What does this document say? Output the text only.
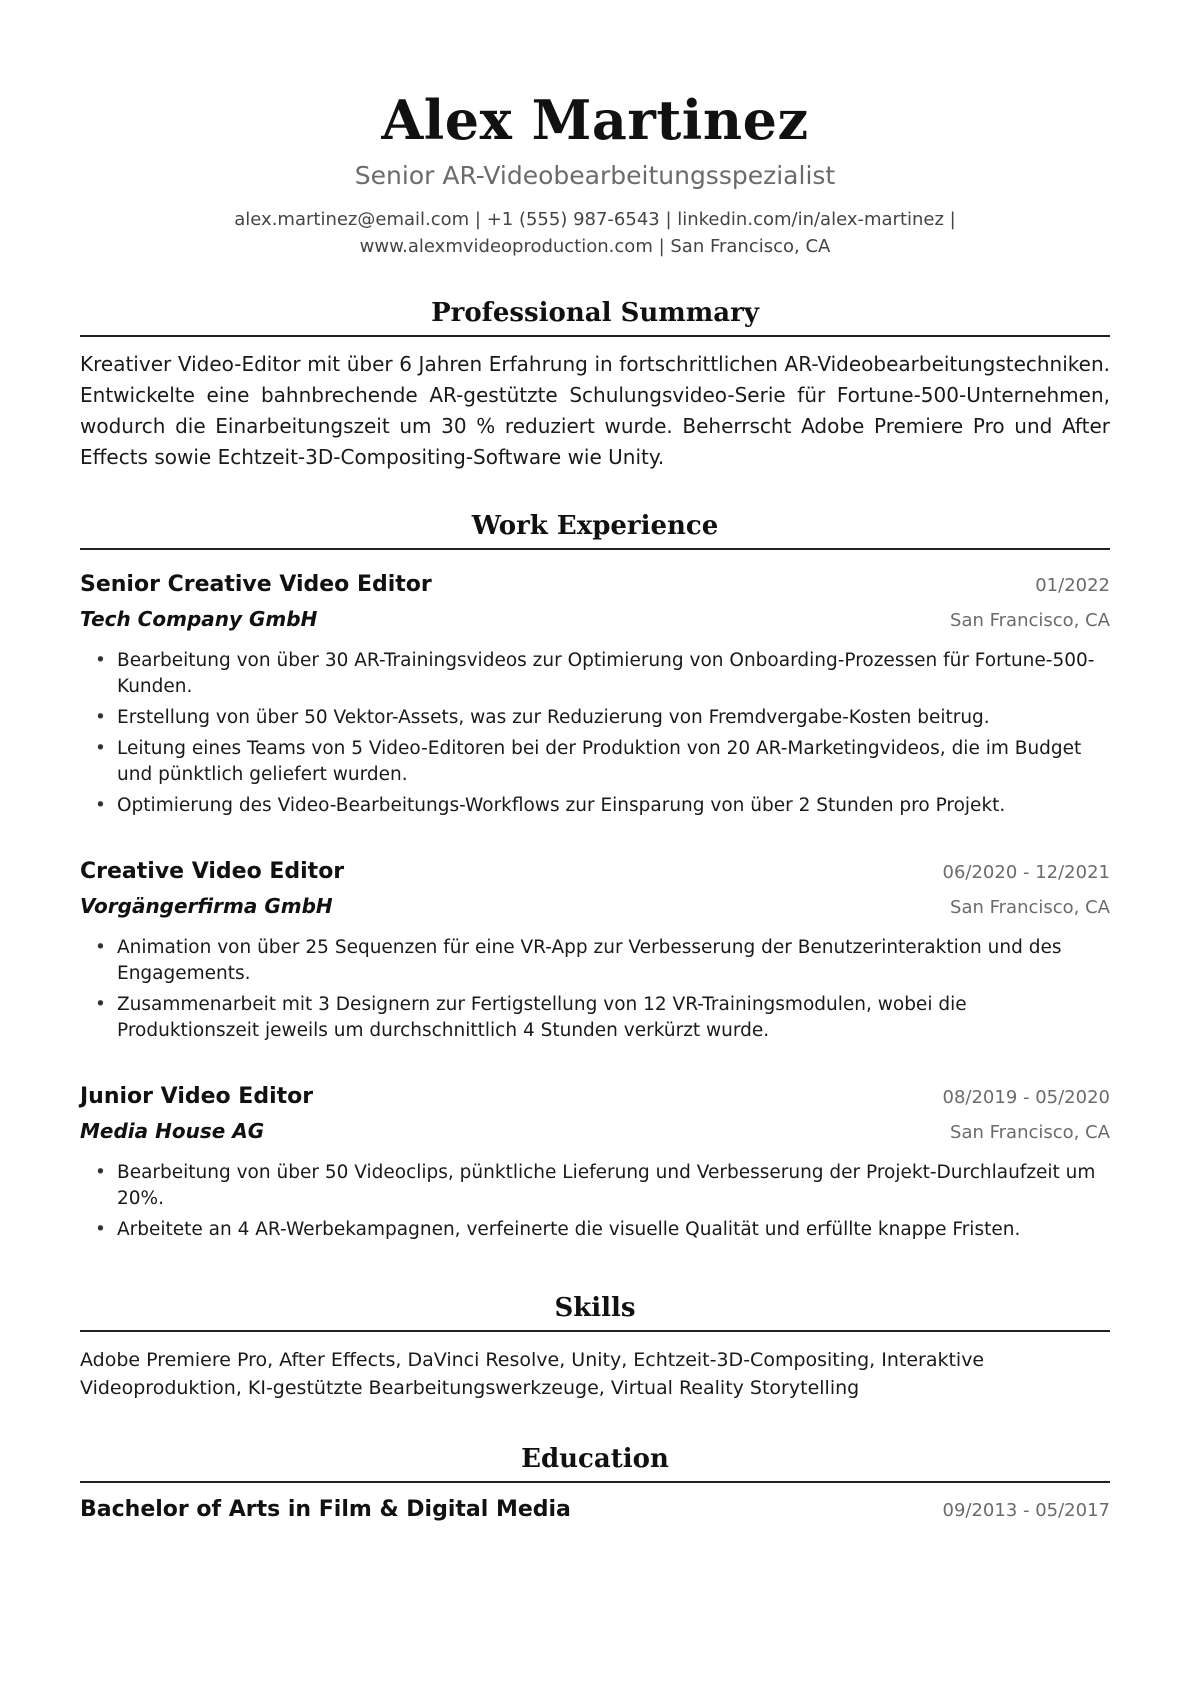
Alex Martinez
Senior AR-Videobearbeitungsspezialist
alex.martinez@email.com | +1 (555) 987-6543 | linkedin.com/in/alex-martinez |
www.alexmvideoproduction.com | San Francisco, CA
Professional Summary
Kreativer Video-Editor mit über 6 Jahren Erfahrung in fortschrittlichen AR-Videobearbeitungstechniken. Entwickelte eine bahnbrechende AR-gestützte Schulungsvideo-Serie für Fortune-500-Unternehmen, wodurch die Einarbeitungszeit um 30 % reduziert wurde. Beherrscht Adobe Premiere Pro und After Effects sowie Echtzeit-3D-Compositing-Software wie Unity.
Work Experience
Senior Creative Video Editor	01/2022
Tech Company GmbH	San Francisco, CA
• Bearbeitung von über 30 AR-Trainingsvideos zur Optimierung von Onboarding-Prozessen für Fortune-500-Kunden.
• Erstellung von über 50 Vektor-Assets, was zur Reduzierung von Fremdvergabe-Kosten beitrug.
• Leitung eines Teams von 5 Video-Editoren bei der Produktion von 20 AR-Marketingvideos, die im Budget und pünktlich geliefert wurden.
• Optimierung des Video-Bearbeitungs-Workflows zur Einsparung von über 2 Stunden pro Projekt.
Creative Video Editor	06/2020 - 12/2021
Vorgängerfirma GmbH	San Francisco, CA
• Animation von über 25 Sequenzen für eine VR-App zur Verbesserung der Benutzerinteraktion und des Engagements.
• Zusammenarbeit mit 3 Designern zur Fertigstellung von 12 VR-Trainingsmodulen, wobei die Produktionszeit jeweils um durchschnittlich 4 Stunden verkürzt wurde.
Junior Video Editor	08/2019 - 05/2020
Media House AG	San Francisco, CA
• Bearbeitung von über 50 Videoclips, pünktliche Lieferung und Verbesserung der Projekt-Durchlaufzeit um 20%.
• Arbeitete an 4 AR-Werbekampagnen, verfeinerte die visuelle Qualität und erfüllte knappe Fristen.
Skills
Adobe Premiere Pro, After Effects, DaVinci Resolve, Unity, Echtzeit-3D-Compositing, Interaktive Videoproduktion, KI-gestützte Bearbeitungswerkzeuge, Virtual Reality Storytelling
Education
Bachelor of Arts in Film & Digital Media	09/2013 - 05/2017
